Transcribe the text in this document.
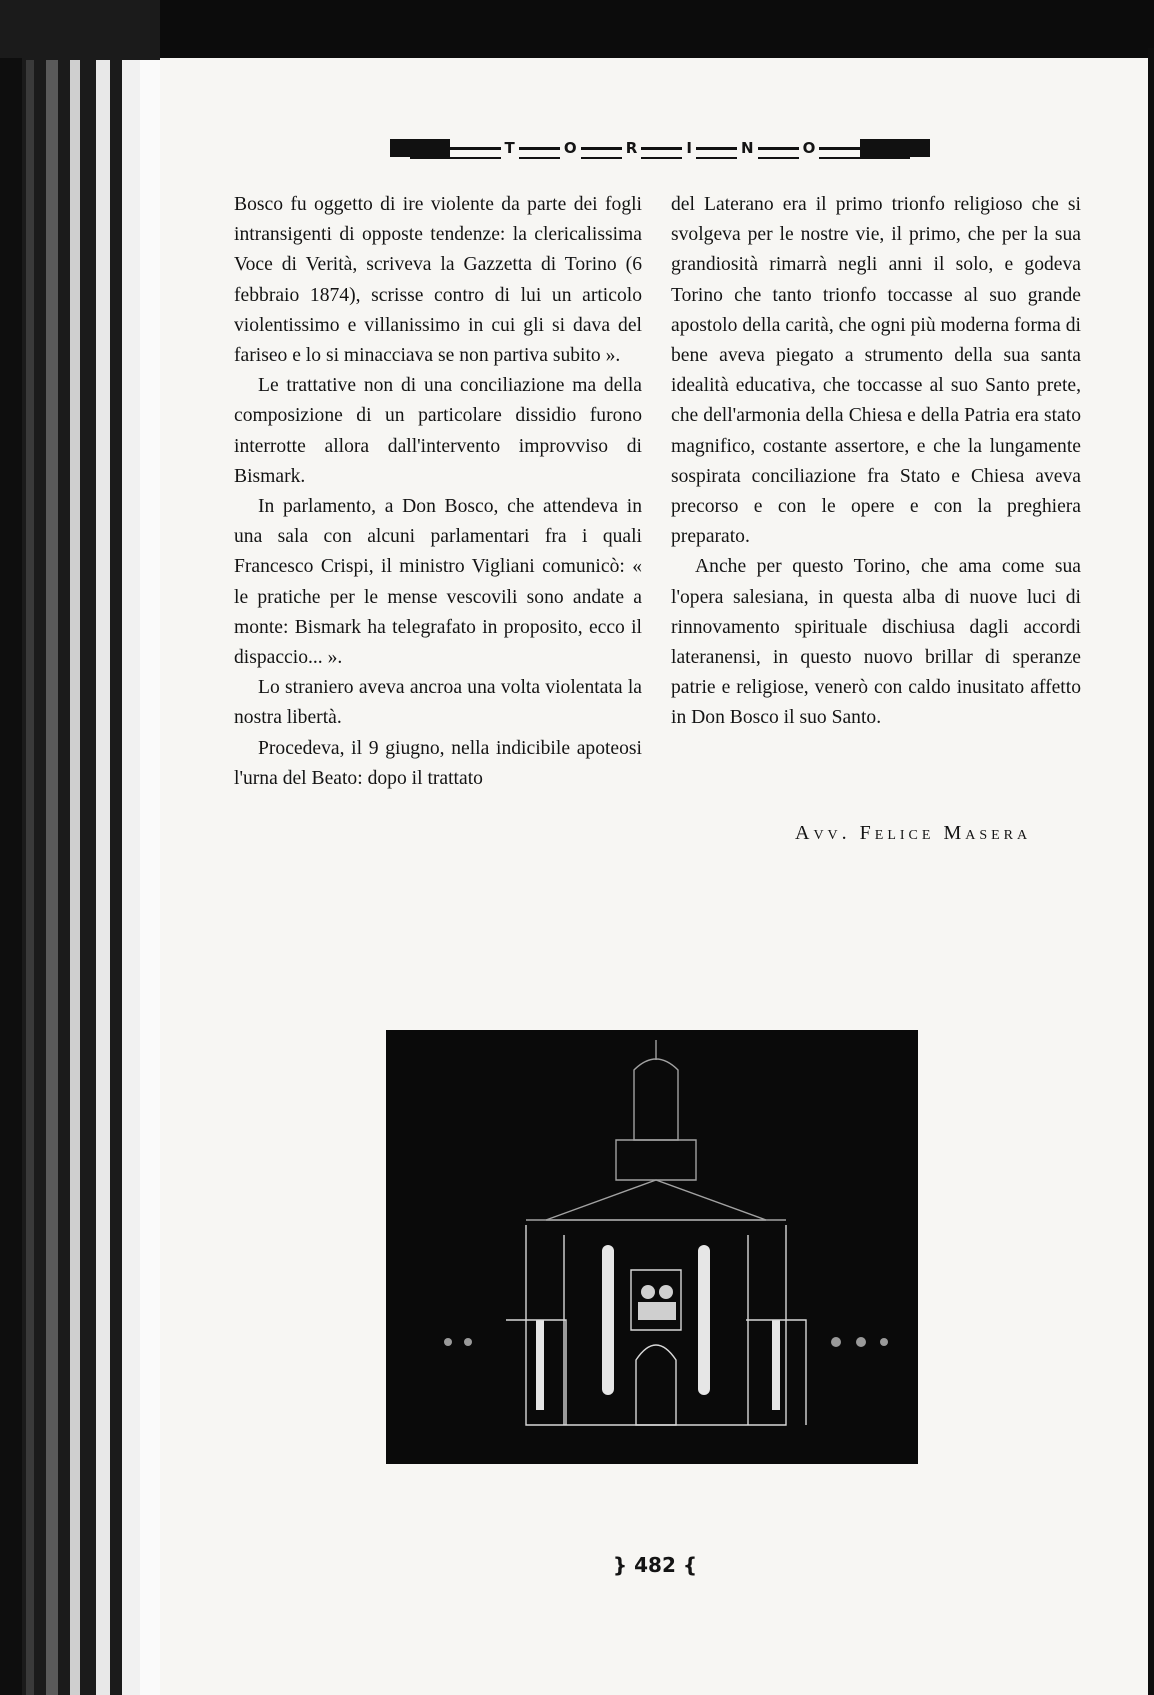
T	O	R	I	N	O

Bosco fu oggetto di ire violente da parte dei fogli intransigenti di opposte tendenze: la clericalissima Voce di Verità, scriveva la Gazzetta di Torino (6 febbraio 1874), scrisse contro di lui un articolo violentissimo e villanissimo in cui gli si dava del fariseo e lo si minacciava se non partiva subito ».

Le trattative non di una conciliazione ma della composizione di un particolare dissidio furono interrotte allora dall'intervento improvviso di Bismark.

In parlamento, a Don Bosco, che attendeva in una sala con alcuni parlamentari fra i quali Francesco Crispi, il ministro Vigliani comunicò: « le pratiche per le mense vescovili sono andate a monte: Bismark ha telegrafato in proposito, ecco il dispaccio... ».

Lo straniero aveva ancroa una volta violentata la nostra libertà.

Procedeva, il 9 giugno, nella indicibile apoteosi l'urna del Beato: dopo il trattato

del Laterano era il primo trionfo religioso che si svolgeva per le nostre vie, il primo, che per la sua grandiosità rimarrà negli anni il solo, e godeva Torino che tanto trionfo toccasse al suo grande apostolo della carità, che ogni più moderna forma di bene aveva piegato a strumento della sua santa idealità educativa, che toccasse al suo Santo prete, che dell'armonia della Chiesa e della Patria era stato magnifico, costante assertore, e che la lungamente sospirata conciliazione fra Stato e Chiesa aveva precorso e con le opere e con la preghiera preparato.

Anche per questo Torino, che ama come sua l'opera salesiana, in questa alba di nuove luci di rinnovamento spirituale dischiusa dagli accordi lateranensi, in questo nuovo brillar di speranze patrie e religiose, venerò con caldo inusitato affetto in Don Bosco il suo Santo.

Avv. Felice Masera
} 482 {
